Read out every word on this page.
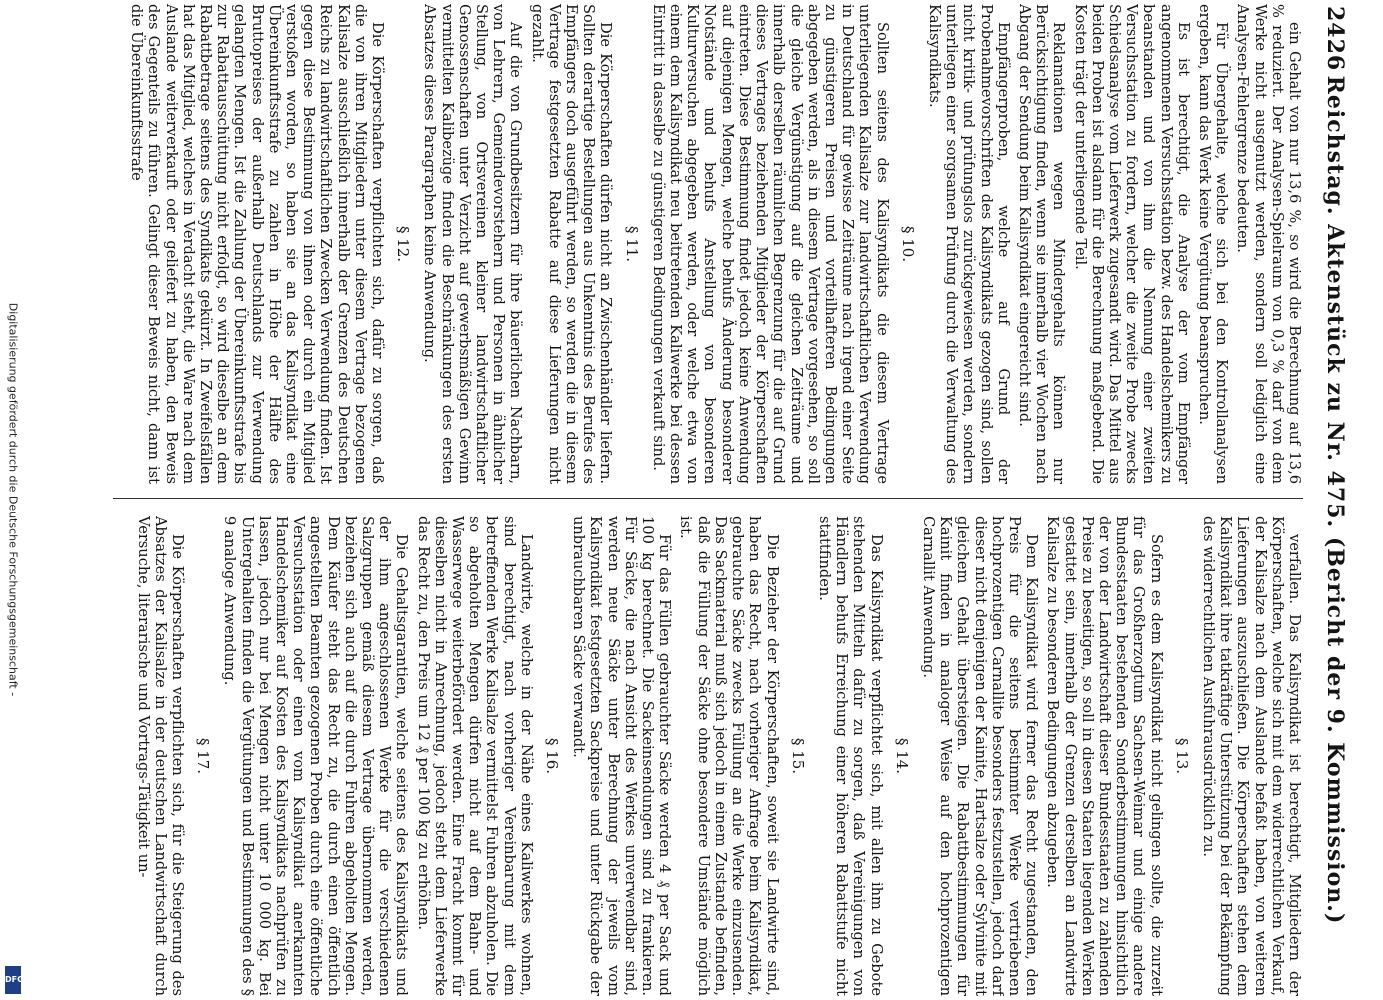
Digitalisierung gefördert durch die Deutsche Forschungsgemeinschaft -
DFG
2426
Reichstag. Aktenstück zu Nr. 475. (Bericht der 9. Kommission.)

ein Gehalt von nur 13,6 %, so wird die Berechnung auf 13,6 % reduziert. Der Analysen-Spielraum von 0,3 % darf von dem Werke nicht ausgenutzt werden, sondern soll lediglich eine Analysen-Fehlergrenze bedeuten.

Für Übergehalte, welche sich bei den Kontrollanalysen ergeben, kann das Werk keine Vergütung beanspruchen.

Es ist berechtigt, die Analyse der vom Empfänger angenommenen Versuchsstation bezw. des Handelschemikers zu beanstanden und von ihm die Nennung einer zweiten Versuchsstation zu fordern, welcher die zweite Probe zwecks Schiedsanalyse vom Lieferwerk zugesandt wird. Das Mittel aus beiden Proben ist alsdann für die Berechnung maßgebend. Die Kosten trägt der unterliegende Teil.

Reklamationen wegen Mindergehalts können nur Berücksichtigung finden, wenn sie innerhalb vier Wochen nach Abgang der Sendung beim Kalisyndikat eingereicht sind.

Empfängerproben, welche auf Grund der Probenahmevorschriften des Kalisyndikats gezogen sind, sollen nicht kritik- und prüfungslos zurückgewiesen werden, sondern unterliegen einer sorgsamen Prüfung durch die Verwaltung des Kalisyndikats.

§ 10.

Sollten seitens des Kalisyndikats die diesem Vertrage unterliegenden Kalisalze zur landwirtschaftlichen Verwendung in Deutschland für gewisse Zeiträume nach irgend einer Seite zu günstigeren Preisen und vorteilhafteren Bedingungen abgegeben werden, als in diesem Vertrage vorgesehen, so soll die gleiche Vergünstigung auf die gleichen Zeiträume und innerhalb derselben räumlichen Begrenzung für die auf Grund dieses Vertrages beziehenden Mitglieder der Körperschaften eintreten. Diese Bestimmung findet jedoch keine Anwendung auf diejenigen Mengen, welche behufs Änderung besonderer Notstände und behufs Anstellung von besonderen Kulturversuchen abgegeben werden, oder welche etwa von einem dem Kalisyndikat neu beitretenden Kaliwerke bei dessen Eintritt in dasselbe zu günstigeren Bedingungen verkauft sind.

§ 11.

Die Körperschaften dürfen nicht an Zwischenhändler liefern. Sollten derartige Bestellungen aus Unkenntnis des Berufes des Empfängers doch ausgeführt werden, so werden die in diesem Vertrage festgesetzten Rabatte auf diese Lieferungen nicht gezahlt.

Auf die von Grundbesitzern für ihre bäuerlichen Nachbarn, von Lehrern, Gemeindevorstehern und Personen in ähnlicher Stellung, von Ortsvereinen kleiner landwirtschaftlicher Genossenschaften unter Verzicht auf gewerbsmäßigen Gewinn vermittelten Kalibezüge finden die Beschränkungen des ersten Absatzes dieses Paragraphen keine Anwendung.

§ 12.

Die Körperschaften verpflichten sich, dafür zu sorgen, daß die von ihren Mitgliedern unter diesem Vertrage bezogenen Kalisalze ausschließlich innerhalb der Grenzen des Deutschen Reichs zu landwirtschaftlichen Zwecken Verwendung finden. Ist gegen diese Bestimmung von ihnen oder durch ein Mitglied verstoßen worden, so haben sie an das Kalisyndikat eine Übereinkunftsstrafe zu zahlen in Höhe der Hälfte des Bruttopreises der außerhalb Deutschlands zur Verwendung gelangten Mengen. Ist die Zahlung der Übereinkunftsstrafe bis zur Rabattausschüttung nicht erfolgt, so wird dieselbe an dem Rabattbetrage seitens des Syndikats gekürzt. In Zweifelsfällen hat das Mitglied, welches in Verdacht steht, die Ware nach dem Auslande weiterverkauft oder geliefert zu haben, den Beweis des Gegenteils zu führen. Gelingt dieser Beweis nicht, dann ist die Übereinkunftsstrafe

verfallen. Das Kalisyndikat ist berechtigt, Mitgliedern der Körperschaften, welche sich mit dem widerrechtlichen Verkauf, der Kalisalze nach dem Auslande befaßt haben, von weiteren Lieferungen auszuschließen. Die Körperschaften stehen dem Kalisyndikat ihre tatkräftige Unterstützung bei der Bekämpfung des widerrechtlichen Ausfuhrausdrücklich zu.

§ 13.

Sofern es dem Kalisyndikat nicht gelingen sollte, die zurzeit für das Großherzogtum Sachsen-Weimar und einige andere Bundesstaaten bestehenden Sonderbestimmungen hinsichtlich der von der Landwirtschaft dieser Bundesstaaten zu zahlenden Preise zu beseitigen, so soll in diesen Staaten liegenden Werken gestattet sein, innerhalb der Grenzen derselben an Landwirte Kalisalze zu besonderen Bedingungen abzugeben.

Dem Kalisyndikat wird ferner das Recht zugestanden, den Preis für die seitens bestimmter Werke vertriebenen hochprozentigen Carnallite besonders festzustellen, jedoch darf dieser nicht denjenigen der Kainite, Hartsalze oder Sylvinite mit gleichem Gehalt übersteigen. Die Rabattbestimmungen für Kainit finden in analoger Weise auf den hochprozentigen Carnallit Anwendung.

§ 14.

Das Kalisyndikat verpflichtet sich, mit allen ihm zu Gebote stehenden Mitteln dafür zu sorgen, daß Vereinigungen von Händlern behufs Erreichung einer höheren Rabattstufe nicht stattfinden.

§ 15.

Die Bezieher der Körperschaften, soweit sie Landwirte sind, haben das Recht, nach vorheriger Anfrage beim Kalisyndikat, gebrauchte Säcke zwecks Füllung an die Werke einzusenden. Das Sackmaterial muß sich jedoch in einem Zustande befinden, daß die Füllung der Säcke ohne besondere Umstände möglich ist.

Für das Füllen gebrauchter Säcke werden 4 ₰ per Sack und 100 kg berechnet. Die Sackeinsendungen sind zu frankieren. Für Säcke, die nach Ansicht des Werkes unverwendbar sind, werden neue Säcke unter Berechnung der jeweils vom Kalisyndikat festgesetzten Sackpreise und unter Rückgabe der unbrauchbaren Säcke verwandt.

§ 16.

Landwirte, welche in der Nähe eines Kaliwerkes wohnen, sind berechtigt, nach vorheriger Vereinbarung mit dem betreffenden Werke Kalisalze vermittelst Fuhren abzuholen. Die so abgeholten Mengen dürfen nicht auf dem Bahn- und Wasserwege weiterbefördert werden. Eine Fracht kommt für dieselben nicht in Anrechnung, jedoch steht dem Lieferwerke das Recht zu, den Preis um 12 ₰ per 100 kg zu erhöhen.

Die Gehaltsgarantien, welche seitens des Kalisyndikats und der ihm angeschlossenen Werke für die verschiedenen Salzgruppen gemäß diesem Vertrage übernommen werden, beziehen sich auch auf die durch Fuhren abgeholten Mengen. Dem Käufer steht das Recht zu, die durch einen öffentlich angestellten Beamten gezogenen Proben durch eine öffentliche Versuchsstation oder einen vom Kalisyndikat anerkannten Handelschemiker auf Kosten des Kalisyndikats nachprüfen zu lassen, jedoch nur bei Mengen nicht unter 10 000 kg. Bei Untergehalten finden die Vergütungen und Bestimmungen des § 9 analoge Anwendung.

§ 17.

Die Körperschaften verpflichten sich, für die Steigerung des Absatzes der Kalisalze in der deutschen Landwirtschaft durch Versuche, literarische und Vortrags-Tätigkeit un-
